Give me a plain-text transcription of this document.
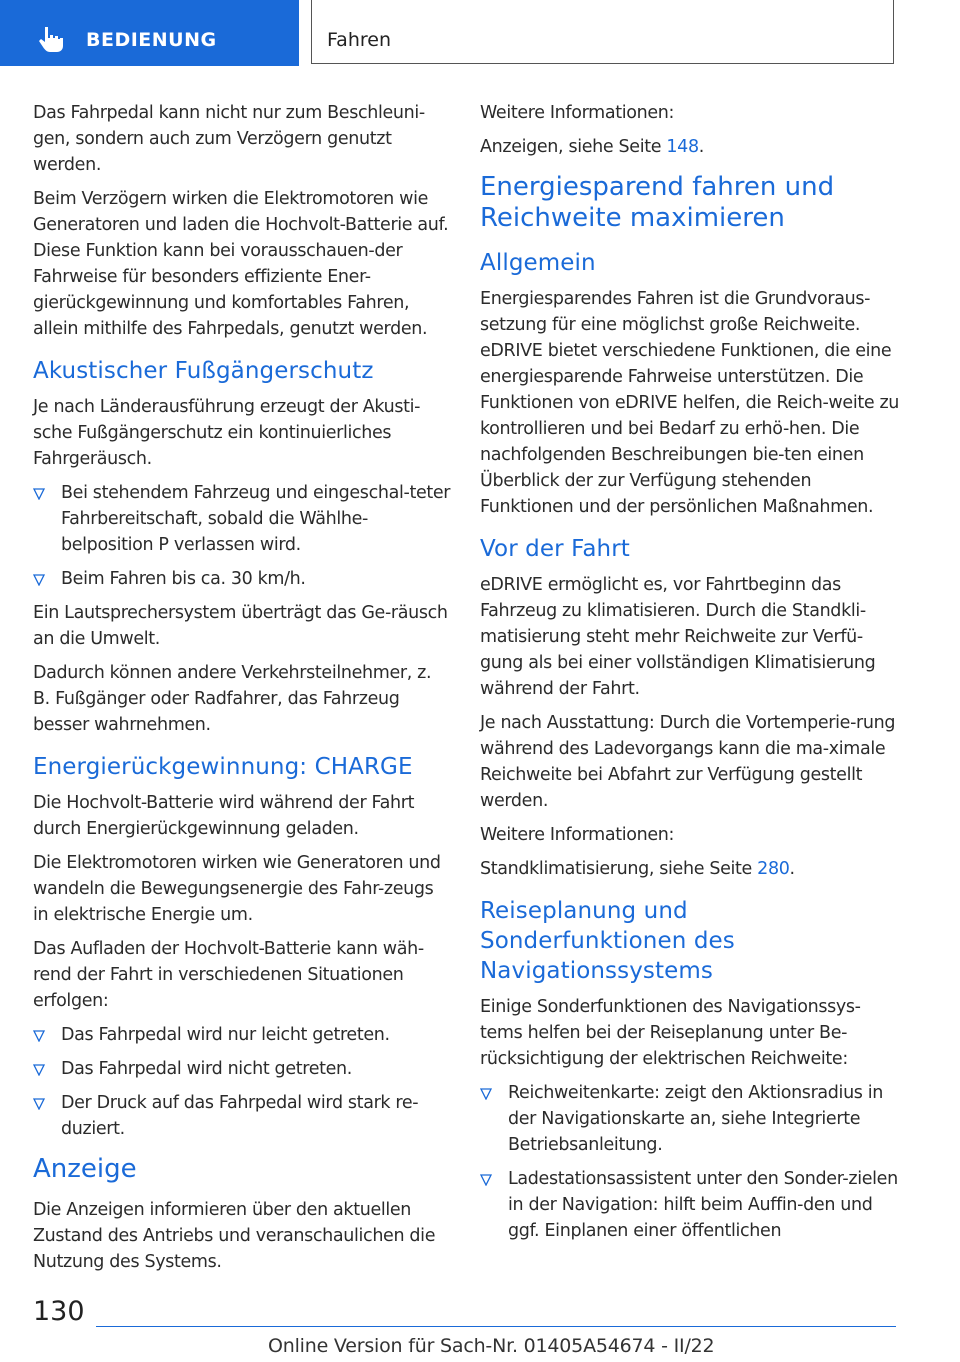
BEDIENUNG	Fahren

Das Fahrpedal kann nicht nur zum Beschleuni-gen, sondern auch zum Verzögern genutzt werden.

Beim Verzögern wirken die Elektromotoren wie Generatoren und laden die Hochvolt-Batterie auf. Diese Funktion kann bei vorausschauen-der Fahrweise für besonders effiziente Ener-gierückgewinnung und komfortables Fahren, allein mithilfe des Fahrpedals, genutzt werden.

Akustischer Fußgängerschutz

Je nach Länderausführung erzeugt der Akusti-sche Fußgängerschutz ein kontinuierliches Fahrgeräusch.

Bei stehendem Fahrzeug und eingeschal-teter Fahrbereitschaft, sobald die Wählhe-belposition P verlassen wird.
Beim Fahren bis ca. 30 km/h.

Ein Lautsprechersystem überträgt das Ge-räusch an die Umwelt.

Dadurch können andere Verkehrsteilnehmer, z. B. Fußgänger oder Radfahrer, das Fahrzeug besser wahrnehmen.

Energierückgewinnung: CHARGE

Die Hochvolt-Batterie wird während der Fahrt durch Energierückgewinnung geladen.

Die Elektromotoren wirken wie Generatoren und wandeln die Bewegungsenergie des Fahr-zeugs in elektrische Energie um.

Das Aufladen der Hochvolt-Batterie kann wäh-rend der Fahrt in verschiedenen Situationen erfolgen:

Das Fahrpedal wird nur leicht getreten.
Das Fahrpedal wird nicht getreten.
Der Druck auf das Fahrpedal wird stark re-duziert.
Anzeige

Die Anzeigen informieren über den aktuellen Zustand des Antriebs und veranschaulichen die Nutzung des Systems.

Weitere Informationen:

Anzeigen, siehe Seite 148.

Energiesparend fahren und Reichweite maximieren
Allgemein

Energiesparendes Fahren ist die Grundvoraus-setzung für eine möglichst große Reichweite. eDRIVE bietet verschiedene Funktionen, die eine energiesparende Fahrweise unterstützen. Die Funktionen von eDRIVE helfen, die Reich-weite zu kontrollieren und bei Bedarf zu erhö-hen. Die nachfolgenden Beschreibungen bie-ten einen Überblick der zur Verfügung stehenden Funktionen und der persönlichen Maßnahmen.

Vor der Fahrt

eDRIVE ermöglicht es, vor Fahrtbeginn das Fahrzeug zu klimatisieren. Durch die Standkli-matisierung steht mehr Reichweite zur Verfü-gung als bei einer vollständigen Klimatisierung während der Fahrt.

Je nach Ausstattung: Durch die Vortemperie-rung während des Ladevorgangs kann die ma-ximale Reichweite bei Abfahrt zur Verfügung gestellt werden.

Weitere Informationen:

Standklimatisierung, siehe Seite 280.

Reiseplanung und Sonderfunktionen des Navigationssystems

Einige Sonderfunktionen des Navigationssys-tems helfen bei der Reiseplanung unter Be-rücksichtigung der elektrischen Reichweite:

Reichweitenkarte: zeigt den Aktionsradius in der Navigationskarte an, siehe Integrierte Betriebsanleitung.
Ladestationsassistent unter den Sonder-zielen in der Navigation: hilft beim Auffin-den und ggf. Einplanen einer öffentlichen
130
Online Version für Sach-Nr. 01405A54674 - II/22
